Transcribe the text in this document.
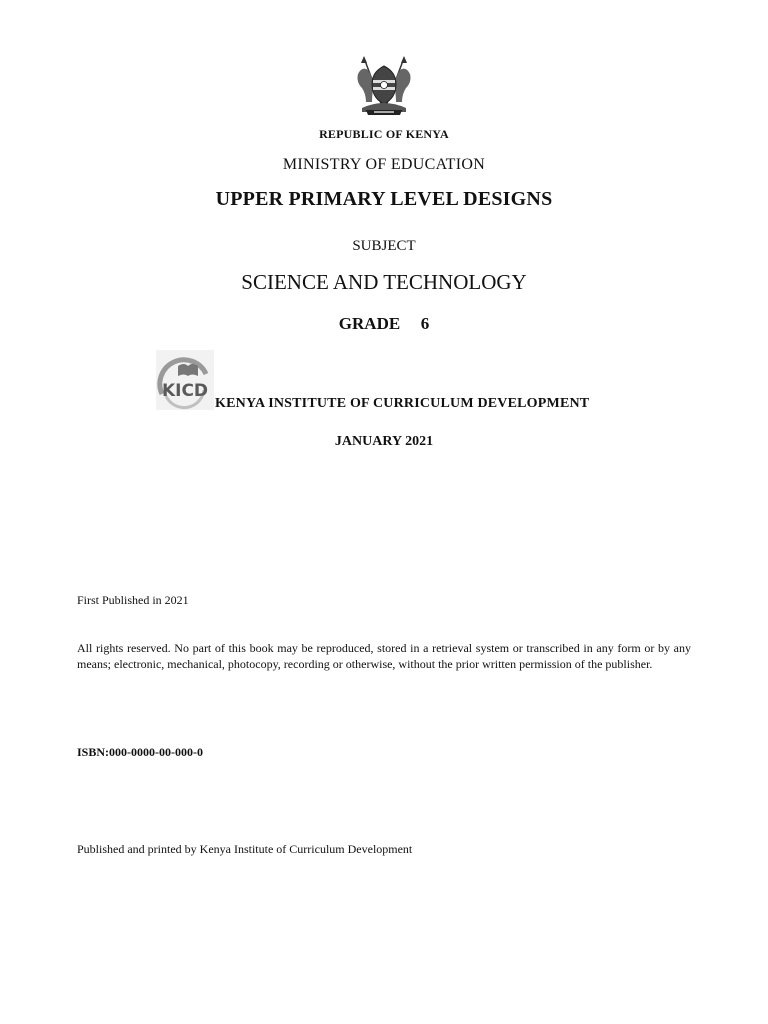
REPUBLIC OF KENYA
MINISTRY OF EDUCATION
UPPER PRIMARY LEVEL DESIGNS
SUBJECT
SCIENCE AND TECHNOLOGY
GRADE  6
KICD
KENYA INSTITUTE OF CURRICULUM DEVELOPMENT
JANUARY 2021
First Published in 2021
All rights reserved. No part of this book may be reproduced, stored in a retrieval system or transcribed in any form or by any means; electronic, mechanical, photocopy, recording or otherwise, without the prior written permission of the publisher.
ISBN:000-0000-00-000-0
Published and printed by Kenya Institute of Curriculum Development
